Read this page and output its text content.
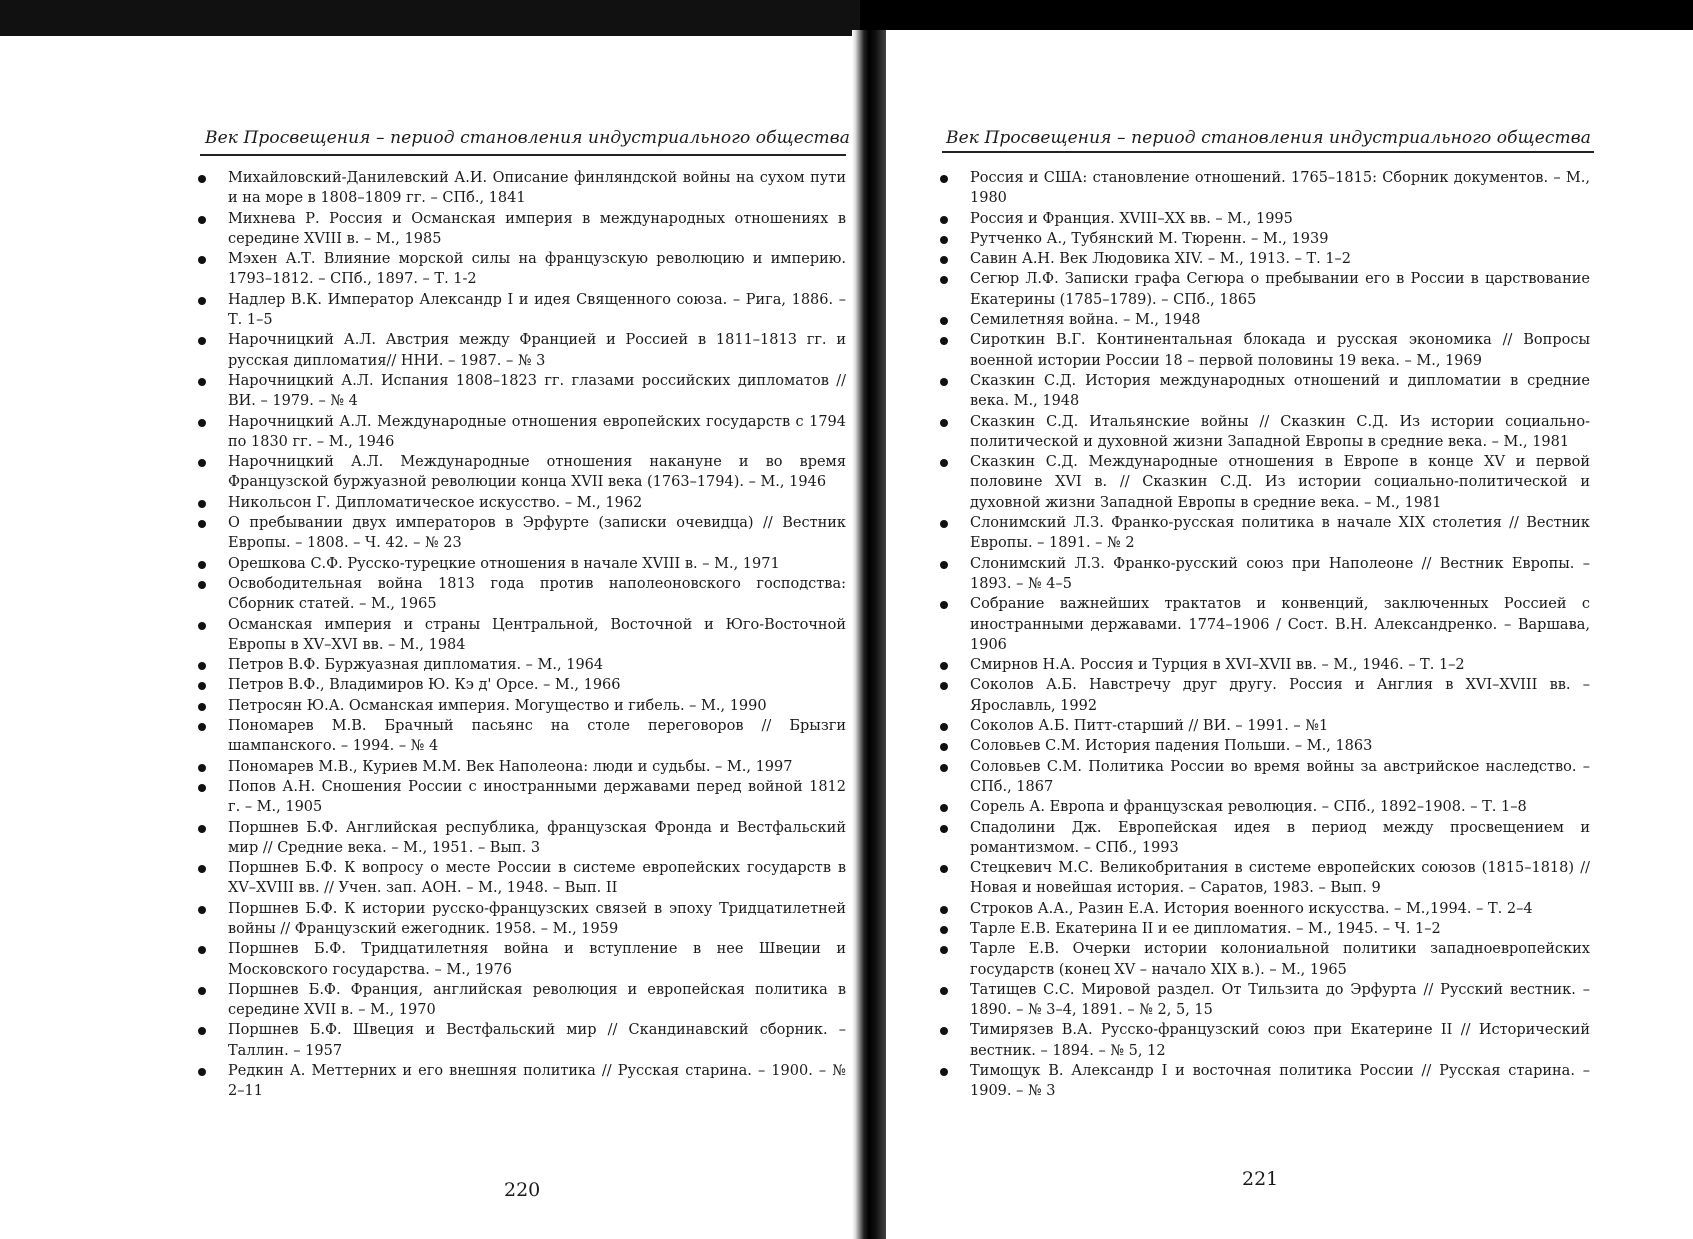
Век Просвещения – период становления индустриального общества
Михайловский-Данилевский А.И. Описание финляндской войны на сухом пути и на море в 1808–1809 гг. – СПб., 1841
Михнева Р. Россия и Османская империя в международных отношениях в середине XVIII в. – М., 1985
Мэхен А.Т. Влияние морской силы на французскую революцию и империю. 1793–1812. – СПб., 1897. – Т. 1-2
Надлер В.К. Император Александр I и идея Священного союза. – Рига, 1886. – Т. 1–5
Нарочницкий А.Л. Австрия между Францией и Россией в 1811–1813 гг. и русская дипломатия// ННИ. – 1987. – № 3
Нарочницкий А.Л. Испания 1808–1823 гг. глазами российских дипломатов // ВИ. – 1979. – № 4
Нарочницкий А.Л. Международные отношения европейских государств с 1794 по 1830 гг. – М., 1946
Нарочницкий А.Л. Международные отношения накануне и во время Французской буржуазной революции конца XVII века (1763–1794). – М., 1946
Никольсон Г. Дипломатическое искусство. – М., 1962
О пребывании двух императоров в Эрфурте (записки очевидца) // Вестник Европы. – 1808. – Ч. 42. – № 23
Орешкова С.Ф. Русско-турецкие отношения в начале XVIII в. – М., 1971
Освободительная война 1813 года против наполеоновского господства: Сборник статей. – М., 1965
Османская империя и страны Центральной, Восточной и Юго-Восточной Европы в XV–XVI вв. – М., 1984
Петров В.Ф. Буржуазная дипломатия. – М., 1964
Петров В.Ф., Владимиров Ю. Кэ д' Орсе. – М., 1966
Петросян Ю.А. Османская империя. Могущество и гибель. – М., 1990
Пономарев М.В. Брачный пасьянс на столе переговоров // Брызги шампанского. – 1994. – № 4
Пономарев М.В., Куриев М.М. Век Наполеона: люди и судьбы. – М., 1997
Попов А.Н. Сношения России с иностранными державами перед войной 1812 г. – М., 1905
Поршнев Б.Ф. Английская республика, французская Фронда и Вестфальский мир // Средние века. – М., 1951. – Вып. 3
Поршнев Б.Ф. К вопросу о месте России в системе европейских государств в XV–XVIII вв. // Учен. зап. АОН. – М., 1948. – Вып. II
Поршнев Б.Ф. К истории русско-французских связей в эпоху Тридцатилетней войны // Французский ежегодник. 1958. – М., 1959
Поршнев Б.Ф. Тридцатилетняя война и вступление в нее Швеции и Московского государства. – М., 1976
Поршнев Б.Ф. Франция, английская революция и европейская политика в середине XVII в. – М., 1970
Поршнев Б.Ф. Швеция и Вестфальский мир // Скандинавский сборник. – Таллин. – 1957
Редкин А. Меттерних и его внешняя политика // Русская старина. – 1900. – № 2–11
220
Век Просвещения – период становления индустриального общества
Россия и США: становление отношений. 1765–1815: Сборник документов. – М., 1980
Россия и Франция. XVIII–XX вв. – М., 1995
Рутченко А., Тубянский М. Тюренн. – М., 1939
Савин А.Н. Век Людовика XIV. – М., 1913. – Т. 1–2
Сегюр Л.Ф. Записки графа Сегюра о пребывании его в России в царствование Екатерины (1785–1789). – СПб., 1865
Семилетняя война. – М., 1948
Сироткин В.Г. Континентальная блокада и русская экономика // Вопросы военной истории России 18 – первой половины 19 века. – М., 1969
Сказкин С.Д. История международных отношений и дипломатии в средние века. М., 1948
Сказкин С.Д. Итальянские войны // Сказкин С.Д. Из истории социально-политической и духовной жизни Западной Европы в средние века. – М., 1981
Сказкин С.Д. Международные отношения в Европе в конце XV и первой половине XVI в. // Сказкин С.Д. Из истории социально-политической и духовной жизни Западной Европы в средние века. – М., 1981
Слонимский Л.З. Франко-русская политика в начале XIX столетия // Вестник Европы. – 1891. – № 2
Слонимский Л.З. Франко-русский союз при Наполеоне // Вестник Европы. – 1893. – № 4–5
Собрание важнейших трактатов и конвенций, заключенных Россией с иностранными державами. 1774–1906 / Сост. В.Н. Александренко. – Варшава, 1906
Смирнов Н.А. Россия и Турция в XVI–XVII вв. – М., 1946. – Т. 1–2
Соколов А.Б. Навстречу друг другу. Россия и Англия в XVI–XVIII вв. – Ярославль, 1992
Соколов А.Б. Питт-старший // ВИ. – 1991. – №1
Соловьев С.М. История падения Польши. – М., 1863
Соловьев С.М. Политика России во время войны за австрийское наследство. – СПб., 1867
Сорель А. Европа и французская революция. – СПб., 1892–1908. – Т. 1–8
Спадолини Дж. Европейская идея в период между просвещением и романтизмом. – СПб., 1993
Стецкевич М.С. Великобритания в системе европейских союзов (1815–1818) // Новая и новейшая история. – Саратов, 1983. – Вып. 9
Строков А.А., Разин Е.А. История военного искусства. – М.,1994. – Т. 2–4
Тарле Е.В. Екатерина II и ее дипломатия. – М., 1945. – Ч. 1–2
Тарле Е.В. Очерки истории колониальной политики западноевропейских государств (конец XV – начало XIX в.). – М., 1965
Татищев С.С. Мировой раздел. От Тильзита до Эрфурта // Русский вестник. – 1890. – № 3–4, 1891. – № 2, 5, 15
Тимирязев В.А. Русско-французский союз при Екатерине II // Исторический вестник. – 1894. – № 5, 12
Тимощук В. Александр I и восточная политика России // Русская старина. – 1909. – № 3
221
